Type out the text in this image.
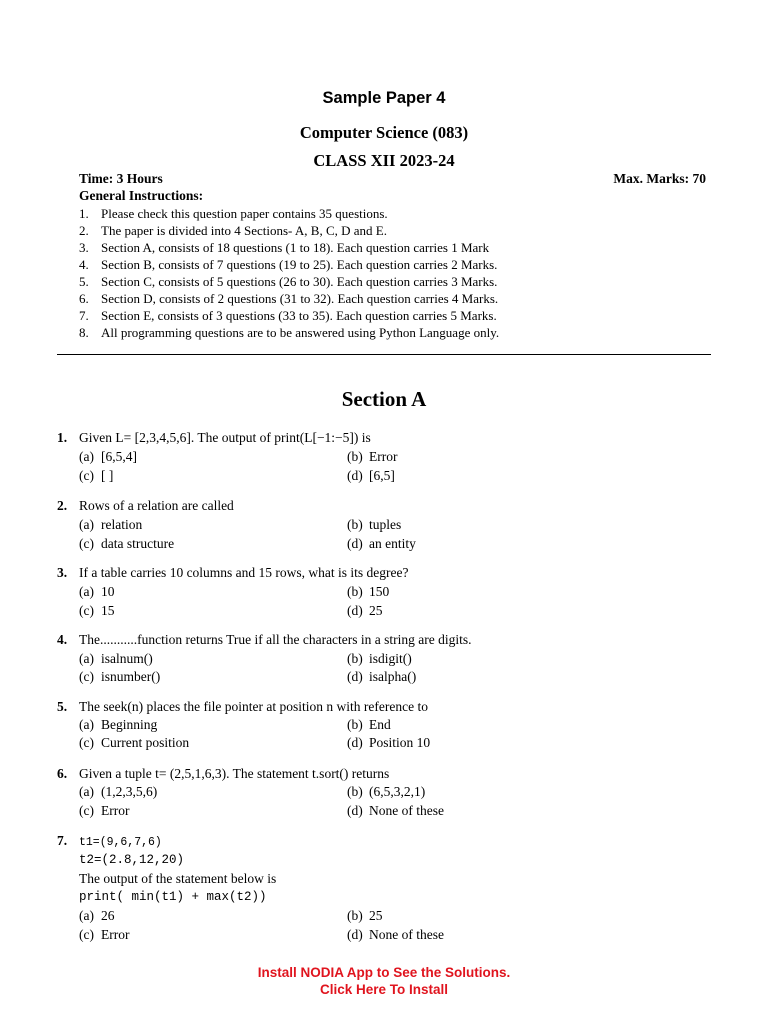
Sample Paper 4
Computer Science (083)
CLASS XII 2023-24
Time: 3 Hours	Max. Marks: 70
General Instructions:
1. Please check this question paper contains 35 questions.
2. The paper is divided into 4 Sections- A, B, C, D and E.
3. Section A, consists of 18 questions (1 to 18). Each question carries 1 Mark
4. Section B, consists of 7 questions (19 to 25). Each question carries 2 Marks.
5. Section C, consists of 5 questions (26 to 30). Each question carries 3 Marks.
6. Section D, consists of 2 questions (31 to 32). Each question carries 4 Marks.
7. Section E, consists of 3 questions (33 to 35). Each question carries 5 Marks.
8. All programming questions are to be answered using Python Language only.
Section A
1. Given L= [2,3,4,5,6]. The output of print(L[−1:−5]) is
(a) [6,5,4]	(b) Error
(c) [ ]	(d) [6,5]
2. Rows of a relation are called
(a) relation	(b) tuples
(c) data structure	(d) an entity
3. If a table carries 10 columns and 15 rows, what is its degree?
(a) 10	(b) 150
(c) 15	(d) 25
4. The...........function returns True if all the characters in a string are digits.
(a) isalnum()	(b) isdigit()
(c) isnumber()	(d) isalpha()
5. The seek(n) places the file pointer at position n with reference to
(a) Beginning	(b) End
(c) Current position	(d) Position 10
6. Given a tuple t= (2,5,1,6,3). The statement t.sort() returns
(a) (1,2,3,5,6)	(b) (6,5,3,2,1)
(c) Error	(d) None of these
7. t1=(9,6,7,6)
t2=(2.8,12,20)
The output of the statement below is
print( min(t1) + max(t2))
(a) 26	(b) 25
(c) Error	(d) None of these
Install NODIA App to See the Solutions.
Click Here To Install
